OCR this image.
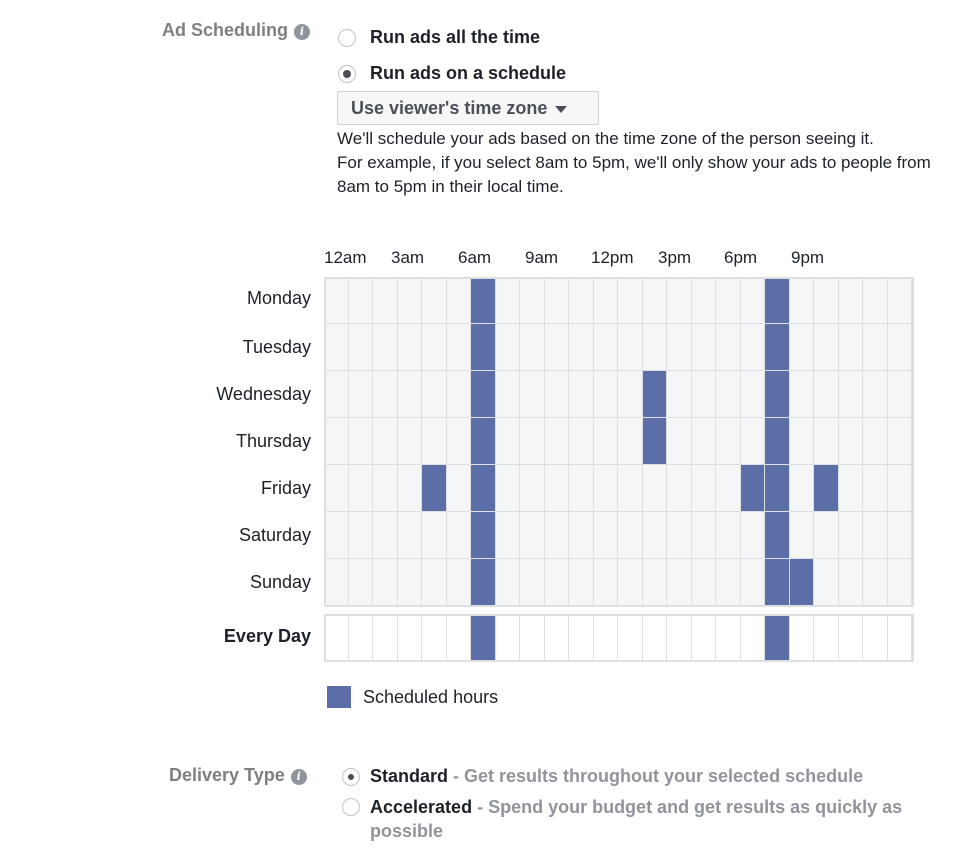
Ad Scheduling i	Run ads all the time
Run ads on a schedule
Use viewer's time zone
We'll schedule your ads based on the time zone of the person seeing it.
For example, if you select 8am to 5pm, we'll only show your ads to people from 8am to 5pm in their local time.
12am 3am 6am 9am 12pm 3pm 6pm 9pm
Monday
Tuesday
Wednesday
Thursday
Friday
Saturday
Sunday
Every Day
Scheduled hours
Delivery Type i	Standard - Get results throughout your selected schedule
Accelerated - Spend your budget and get results as quickly as possible
